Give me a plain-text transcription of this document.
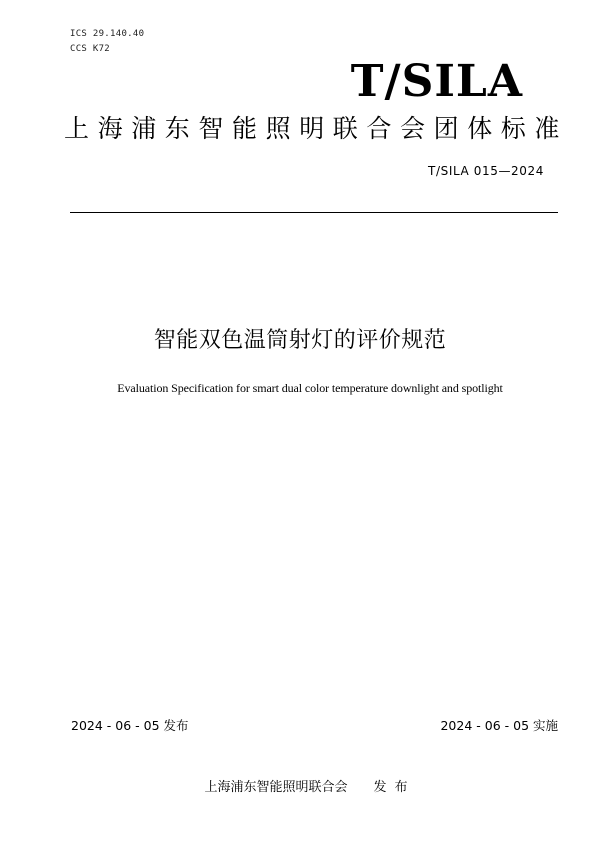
ICS 29.140.40
CCS K72
T/SILA
上海浦东智能照明联合会团体标准
T/SILA 015—2024
智能双色温筒射灯的评价规范
Evaluation Specification for smart dual color temperature downlight and spotlight
2024 - 06 - 05 发布	2024 - 06 - 05 实施
上海浦东智能照明联合会 发布
